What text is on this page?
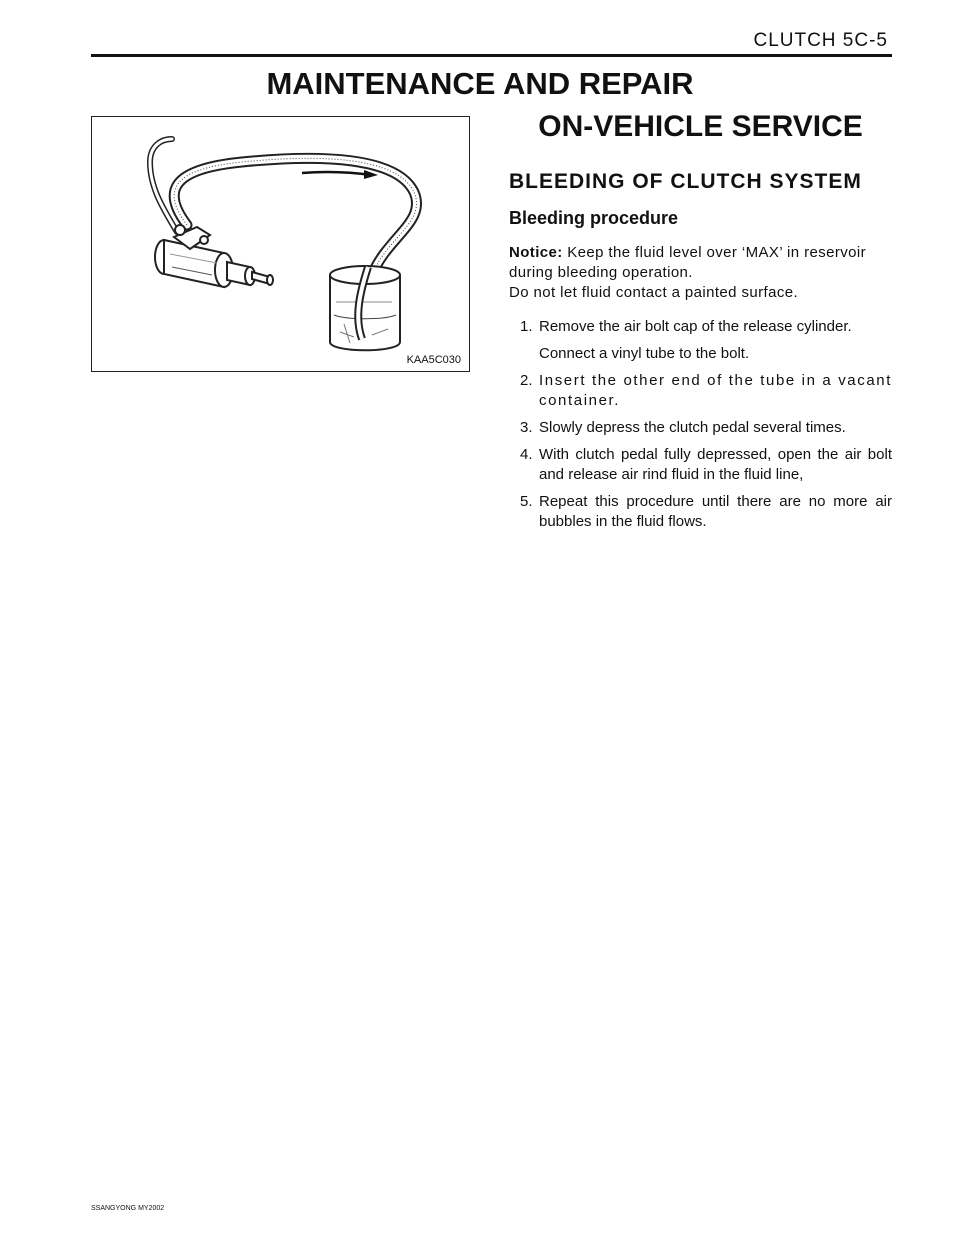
CLUTCH 5C-5
MAINTENANCE AND REPAIR
KAA5C030
ON-VEHICLE SERVICE
BLEEDING OF CLUTCH SYSTEM
Bleeding procedure
Notice: Keep the fluid level over ‘MAX’ in reservoir
during bleeding operation.
Do not let fluid contact a painted surface.
1. Remove the air bolt cap of the release cylinder.
Connect a vinyl tube to the bolt.
2. Insert the other end of the tube in a vacant container.
3. Slowly depress the clutch pedal several times.
4. With clutch pedal fully depressed, open the air bolt and release air rind fluid in the fluid line,
5. Repeat this procedure until there are no more air bubbles in the fluid flows.
SSANGYONG MY2002
